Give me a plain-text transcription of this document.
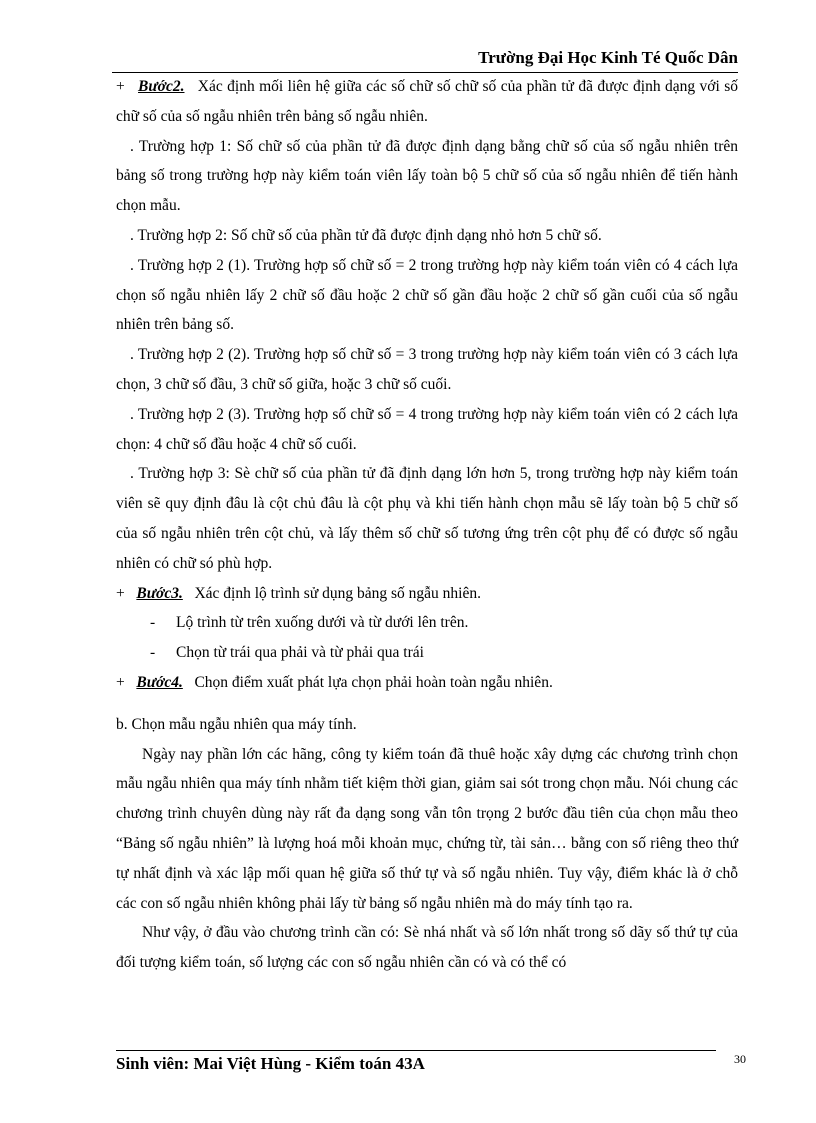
Trường Đại Học Kinh Té Quốc Dân

+ Bước2. Xác định mối liên hệ giữa các số chữ số chữ số của phần tử đã được định dạng với số chữ số của số ngẫu nhiên trên bảng số ngẫu nhiên.

. Trường hợp 1: Số chữ số của phần tử đã được định dạng bằng chữ số của số ngẫu nhiên trên bảng số trong trường hợp này kiểm toán viên lấy toàn bộ 5 chữ số của số ngẫu nhiên để tiến hành chọn mẫu.

. Trường hợp 2: Số chữ số của phần tử đã được định dạng nhỏ hơn 5 chữ số.

. Trường hợp 2 (1). Trường hợp số chữ số = 2 trong trường hợp này kiểm toán viên có 4 cách lựa chọn số ngẫu nhiên lấy 2 chữ số đầu hoặc 2 chữ số gần đầu hoặc 2 chữ số gần cuối của số ngẫu nhiên trên bảng số.

. Trường hợp 2 (2). Trường hợp số chữ số = 3 trong trường hợp này kiểm toán viên có 3 cách lựa chọn, 3 chữ số đầu, 3 chữ số giữa, hoặc 3 chữ số cuối.

. Trường hợp 2 (3). Trường hợp số chữ số = 4 trong trường hợp này kiểm toán viên có 2 cách lựa chọn: 4 chữ số đầu hoặc 4 chữ số cuối.

. Trường hợp 3: Sè chữ số của phần tử đã định dạng lớn hơn 5, trong trường hợp này kiểm toán viên sẽ quy định đâu là cột chủ đâu là cột phụ và khi tiến hành chọn mẫu sẽ lấy toàn bộ 5 chữ số của số ngẫu nhiên trên cột chủ, và lấy thêm số chữ số tương ứng trên cột phụ để có được số ngẫu nhiên có chữ só phù hợp.

+ Bước3. Xác định lộ trình sử dụng bảng số ngẫu nhiên.

- Lộ trình từ trên xuống dưới và từ dưới lên trên.

- Chọn từ trái qua phải và từ phải qua trái

+ Bước4. Chọn điểm xuất phát lựa chọn phải hoàn toàn ngẫu nhiên.

b. Chọn mẫu ngẫu nhiên qua máy tính.

Ngày nay phần lớn các hãng, công ty kiểm toán đã thuê hoặc xây dựng các chương trình chọn mẫu ngẫu nhiên qua máy tính nhằm tiết kiệm thời gian, giảm sai sót trong chọn mẫu. Nói chung các chương trình chuyên dùng này rất đa dạng song vẫn tôn trọng 2 bước đầu tiên của chọn mẫu theo “Bảng số ngẫu nhiên” là lượng hoá mỗi khoản mục, chứng từ, tài sản… bằng con số riêng theo thứ tự nhất định và xác lập mối quan hệ giữa số thứ tự và số ngẫu nhiên. Tuy vậy, điểm khác là ở chỗ các con số ngẫu nhiên không phải lấy từ bảng số ngẫu nhiên mà do máy tính tạo ra.

Như vậy, ở đầu vào chương trình cần có: Sè nhá nhất và số lớn nhất trong số dãy số thứ tự của đối tượng kiểm toán, số lượng các con số ngẫu nhiên cần có và có thể có

Sinh viên: Mai Việt Hùng - Kiểm toán 43A	30
